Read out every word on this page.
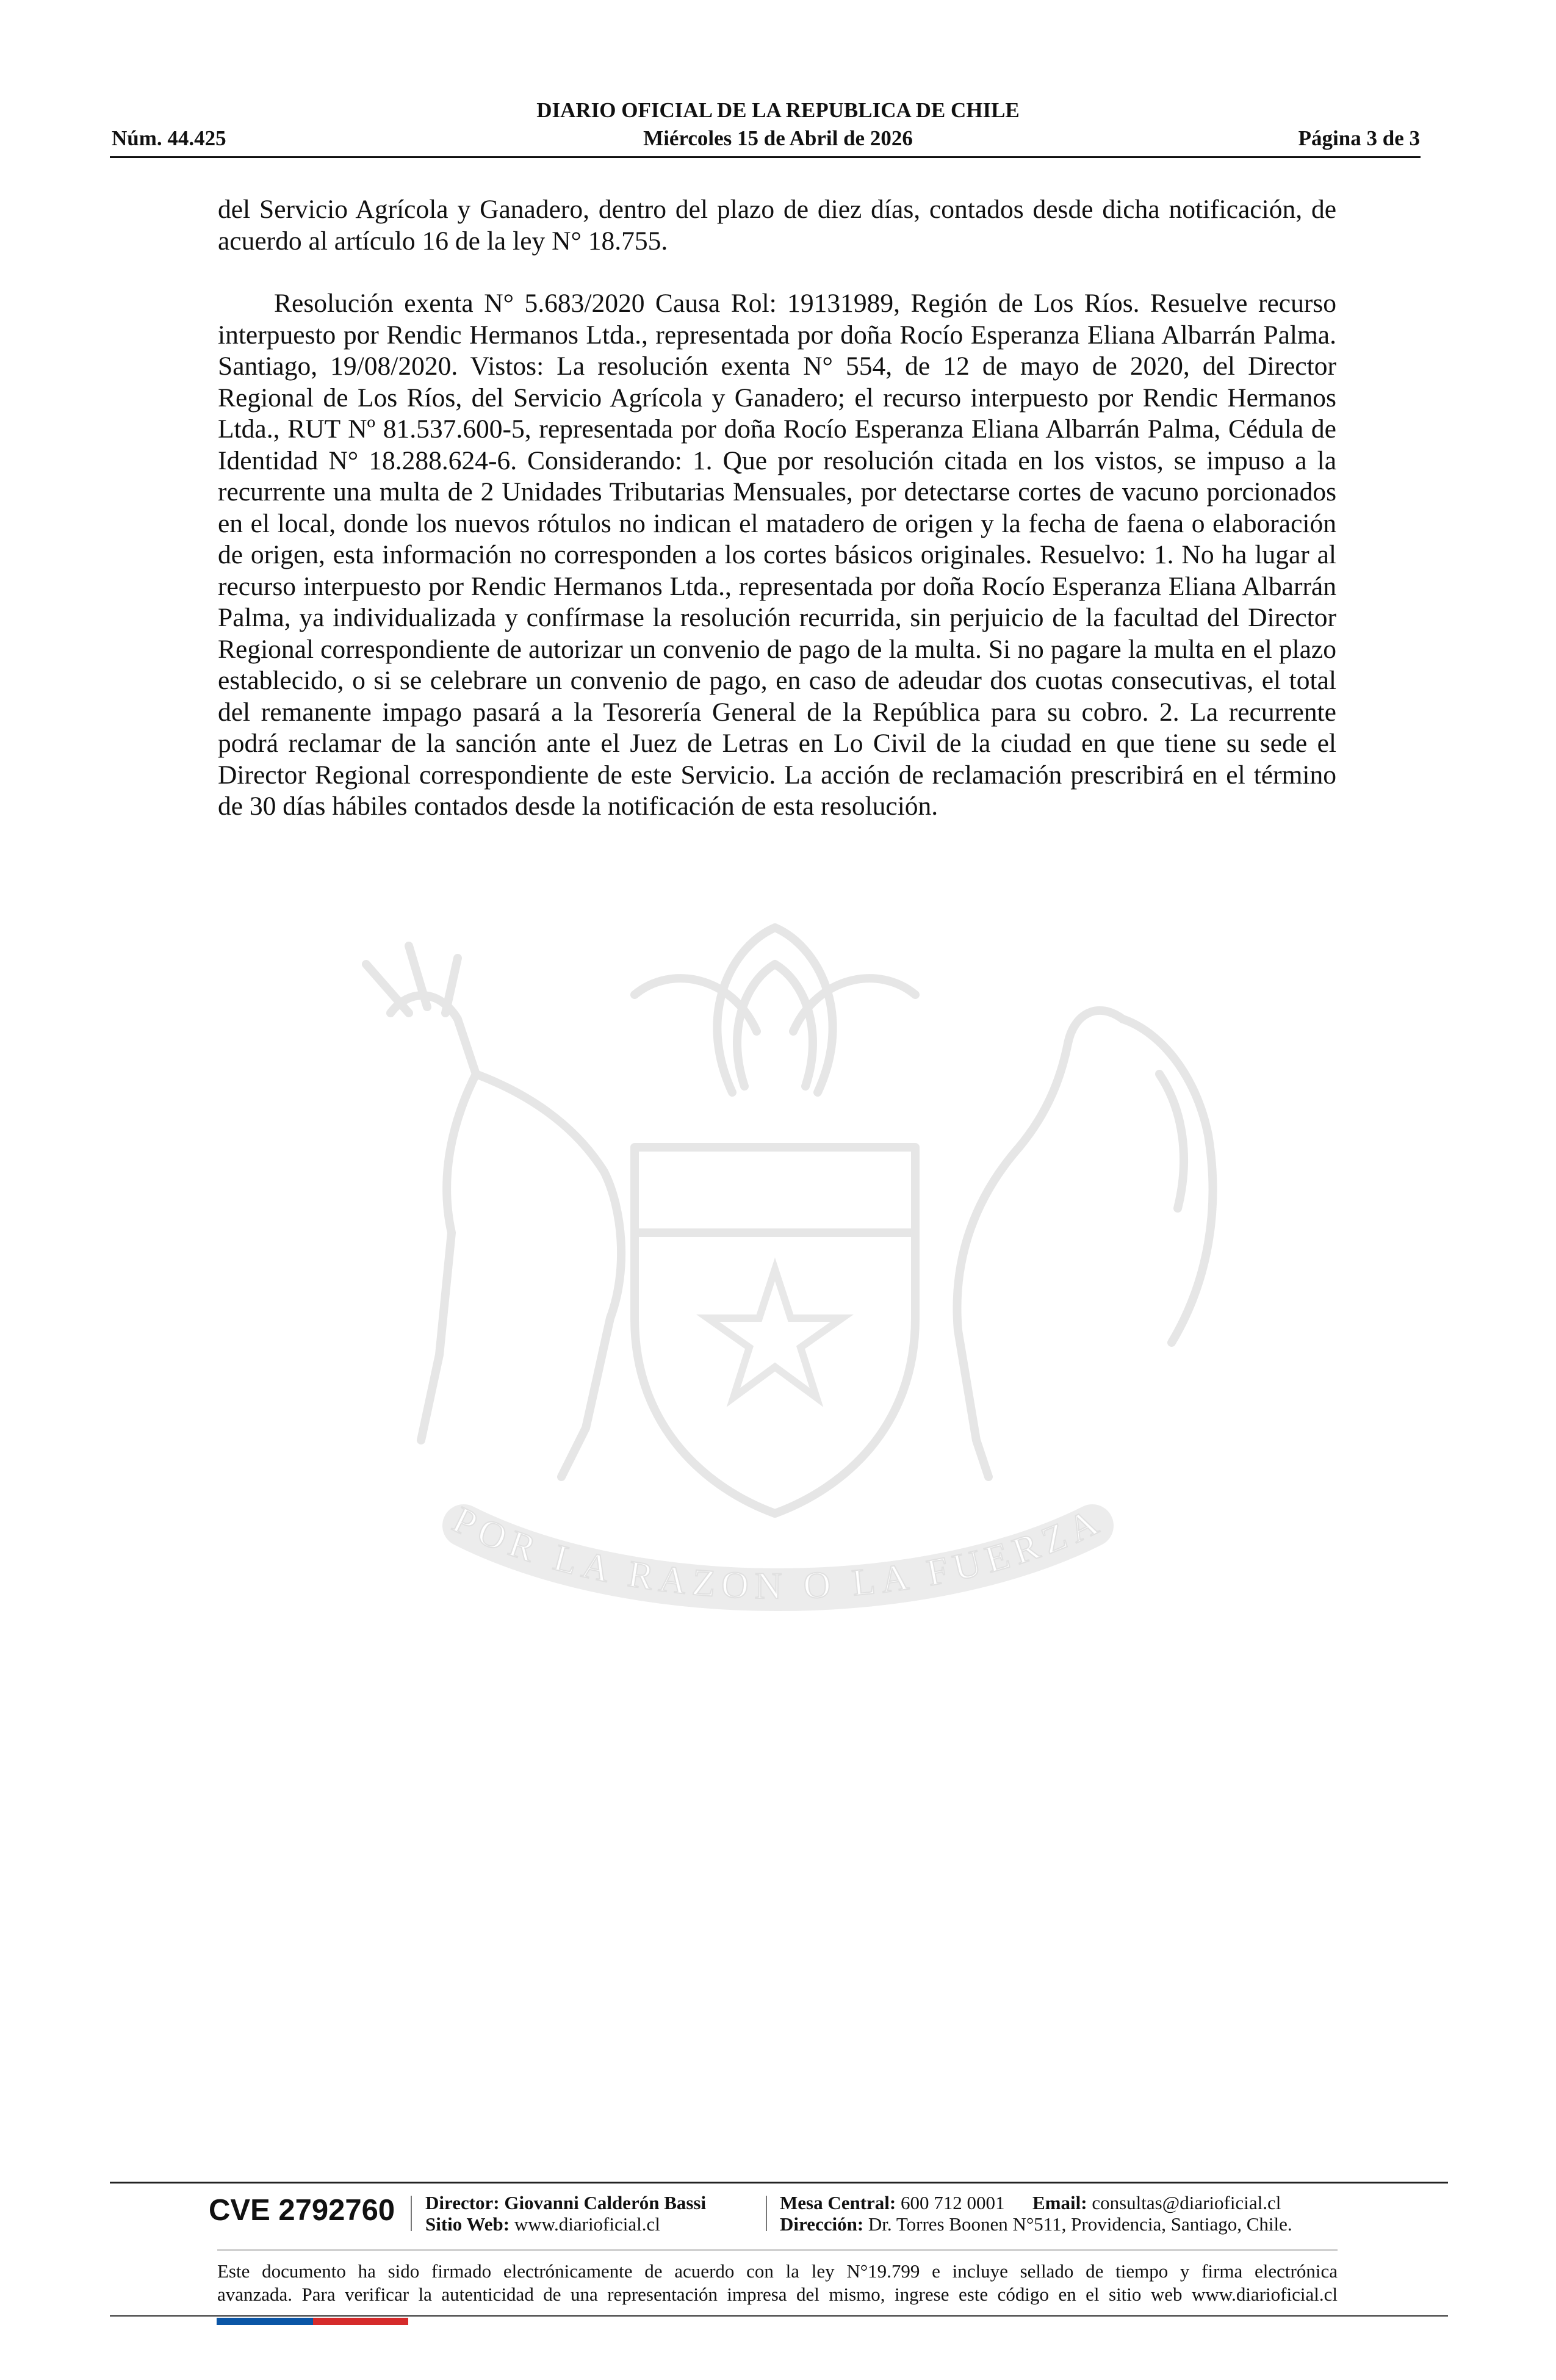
DIARIO OFICIAL DE LA REPUBLICA DE CHILE
Miércoles 15 de Abril de 2026
Núm. 44.425	Página 3 de 3
POR LA RAZON O LA FUERZA

del Servicio Agrícola y Ganadero, dentro del plazo de diez días, contados desde dicha notificación, de acuerdo al artículo 16 de la ley N° 18.755.

Resolución exenta N° 5.683/2020 Causa Rol: 19131989, Región de Los Ríos. Resuelve recurso interpuesto por Rendic Hermanos Ltda., representada por doña Rocío Esperanza Eliana Albarrán Palma. Santiago, 19/08/2020. Vistos: La resolución exenta N° 554, de 12 de mayo de 2020, del Director Regional de Los Ríos, del Servicio Agrícola y Ganadero; el recurso interpuesto por Rendic Hermanos Ltda., RUT Nº 81.537.600-5, representada por doña Rocío Esperanza Eliana Albarrán Palma, Cédula de Identidad N° 18.288.624-6. Considerando: 1. Que por resolución citada en los vistos, se impuso a la recurrente una multa de 2 Unidades Tributarias Mensuales, por detectarse cortes de vacuno porcionados en el local, donde los nuevos rótulos no indican el matadero de origen y la fecha de faena o elaboración de origen, esta información no corresponden a los cortes básicos originales. Resuelvo: 1. No ha lugar al recurso interpuesto por Rendic Hermanos Ltda., representada por doña Rocío Esperanza Eliana Albarrán Palma, ya individualizada y confírmase la resolución recurrida, sin perjuicio de la facultad del Director Regional correspondiente de autorizar un convenio de pago de la multa. Si no pagare la multa en el plazo establecido, o si se celebrare un convenio de pago, en caso de adeudar dos cuotas consecutivas, el total del remanente impago pasará a la Tesorería General de la República para su cobro. 2. La recurrente podrá reclamar de la sanción ante el Juez de Letras en Lo Civil de la ciudad en que tiene su sede el Director Regional correspondiente de este Servicio. La acción de reclamación prescribirá en el término de 30 días hábiles contados desde la notificación de esta resolución.

CVE 2792760 Director: Giovanni Calderón Bassi
Sitio Web: www.diarioficial.cl
Mesa Central: 600 712 0001 Email: consultas@diarioficial.cl
Dirección: Dr. Torres Boonen N°511, Providencia, Santiago, Chile.
Este documento ha sido firmado electrónicamente de acuerdo con la ley N°19.799 e incluye sellado de tiempo y firma electrónica
avanzada. Para verificar la autenticidad de una representación impresa del mismo, ingrese este código en el sitio web www.diarioficial.cl
